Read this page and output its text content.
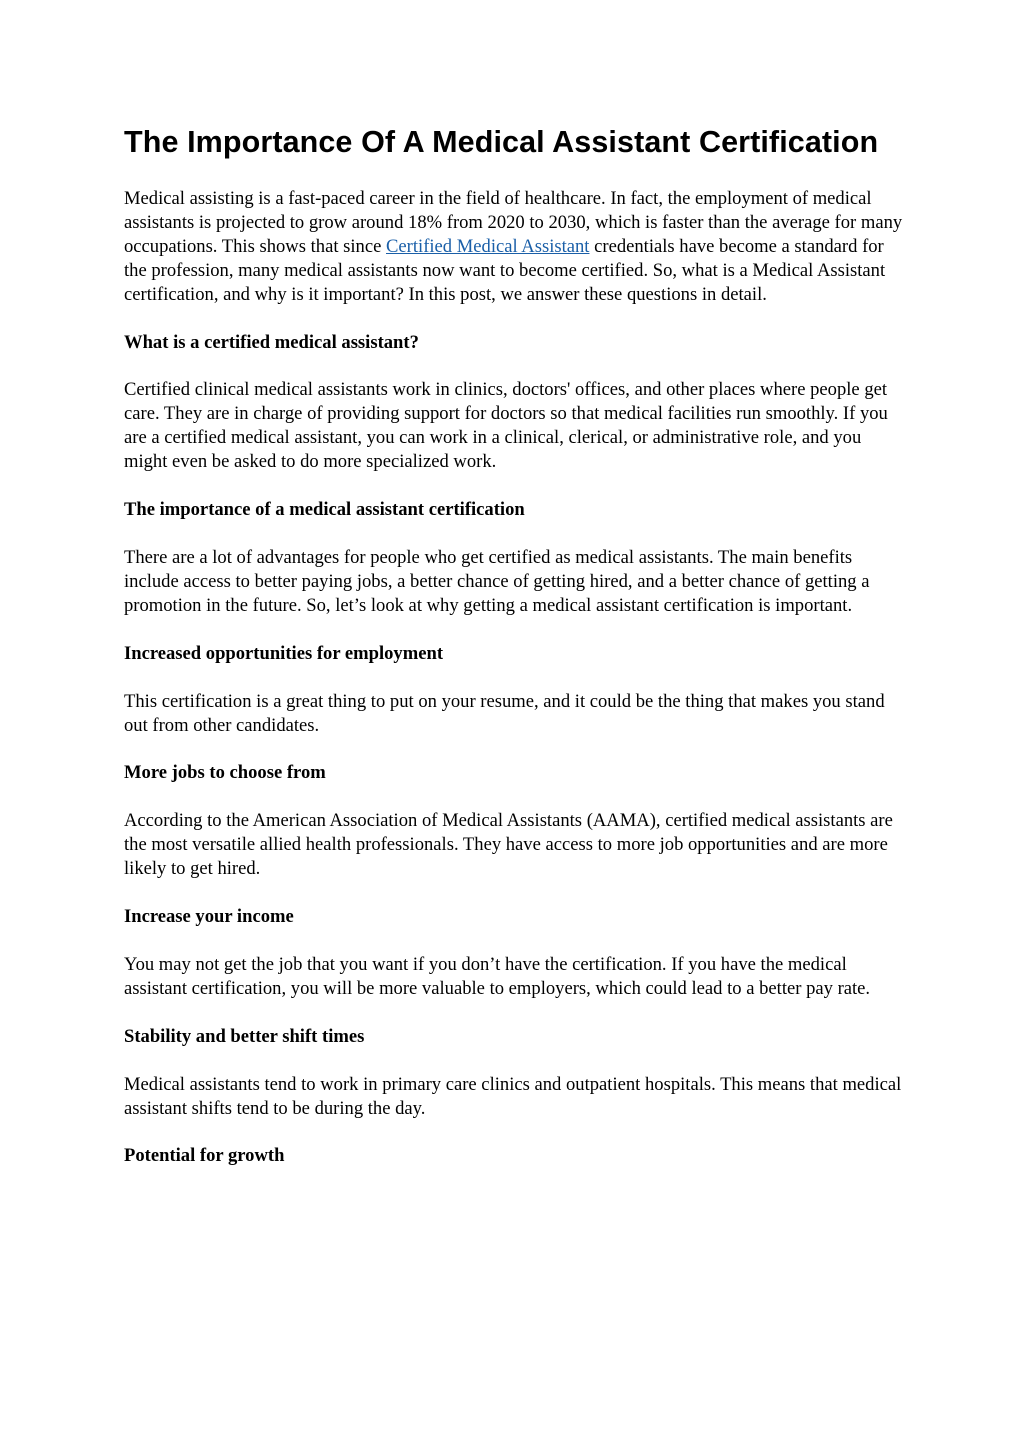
The Importance Of A Medical Assistant Certification

Medical assisting is a fast-paced career in the field of healthcare. In fact, the employment of medical assistants is projected to grow around 18% from 2020 to 2030, which is faster than the average for many occupations. This shows that since Certified Medical Assistant credentials have become a standard for the profession, many medical assistants now want to become certified. So, what is a Medical Assistant certification, and why is it important? In this post, we answer these questions in detail.

What is a certified medical assistant?

Certified clinical medical assistants work in clinics, doctors' offices, and other places where people get care. They are in charge of providing support for doctors so that medical facilities run smoothly. If you are a certified medical assistant, you can work in a clinical, clerical, or administrative role, and you might even be asked to do more specialized work.

The importance of a medical assistant certification

There are a lot of advantages for people who get certified as medical assistants. The main benefits include access to better paying jobs, a better chance of getting hired, and a better chance of getting a promotion in the future. So, let’s look at why getting a medical assistant certification is important.

Increased opportunities for employment

This certification is a great thing to put on your resume, and it could be the thing that makes you stand out from other candidates.

More jobs to choose from

According to the American Association of Medical Assistants (AAMA), certified medical assistants are the most versatile allied health professionals. They have access to more job opportunities and are more likely to get hired.

Increase your income

You may not get the job that you want if you don’t have the certification. If you have the medical assistant certification, you will be more valuable to employers, which could lead to a better pay rate.

Stability and better shift times

Medical assistants tend to work in primary care clinics and outpatient hospitals. This means that medical assistant shifts tend to be during the day.

Potential for growth
